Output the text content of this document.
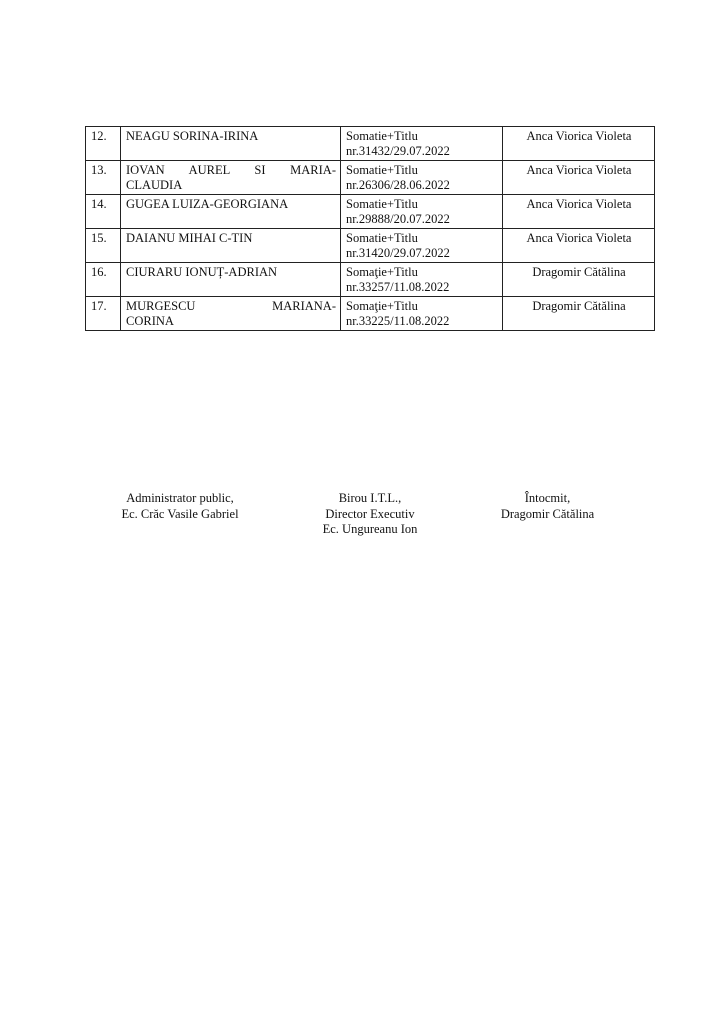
12.	NEAGU SORINA-IRINA	Somatie+Titlu
nr.31432/29.07.2022	Anca Viorica Violeta
13.	IOVAN AUREL SI MARIA-
CLAUDIA	Somatie+Titlu
nr.26306/28.06.2022	Anca Viorica Violeta
14.	GUGEA LUIZA-GEORGIANA	Somatie+Titlu
nr.29888/20.07.2022	Anca Viorica Violeta
15.	DAIANU MIHAI C-TIN	Somatie+Titlu
nr.31420/29.07.2022	Anca Viorica Violeta
16.	CIURARU IONUȚ-ADRIAN	Somaţie+Titlu
nr.33257/11.08.2022	Dragomir Cătălina
17.	MURGESCU MARIANA-
CORINA	Somaţie+Titlu
nr.33225/11.08.2022	Dragomir Cătălina
Administrator public,
Ec. Crăc Vasile Gabriel
Birou I.T.L.,
Director Executiv
Ec. Ungureanu Ion
Întocmit,
Dragomir Cătălina
